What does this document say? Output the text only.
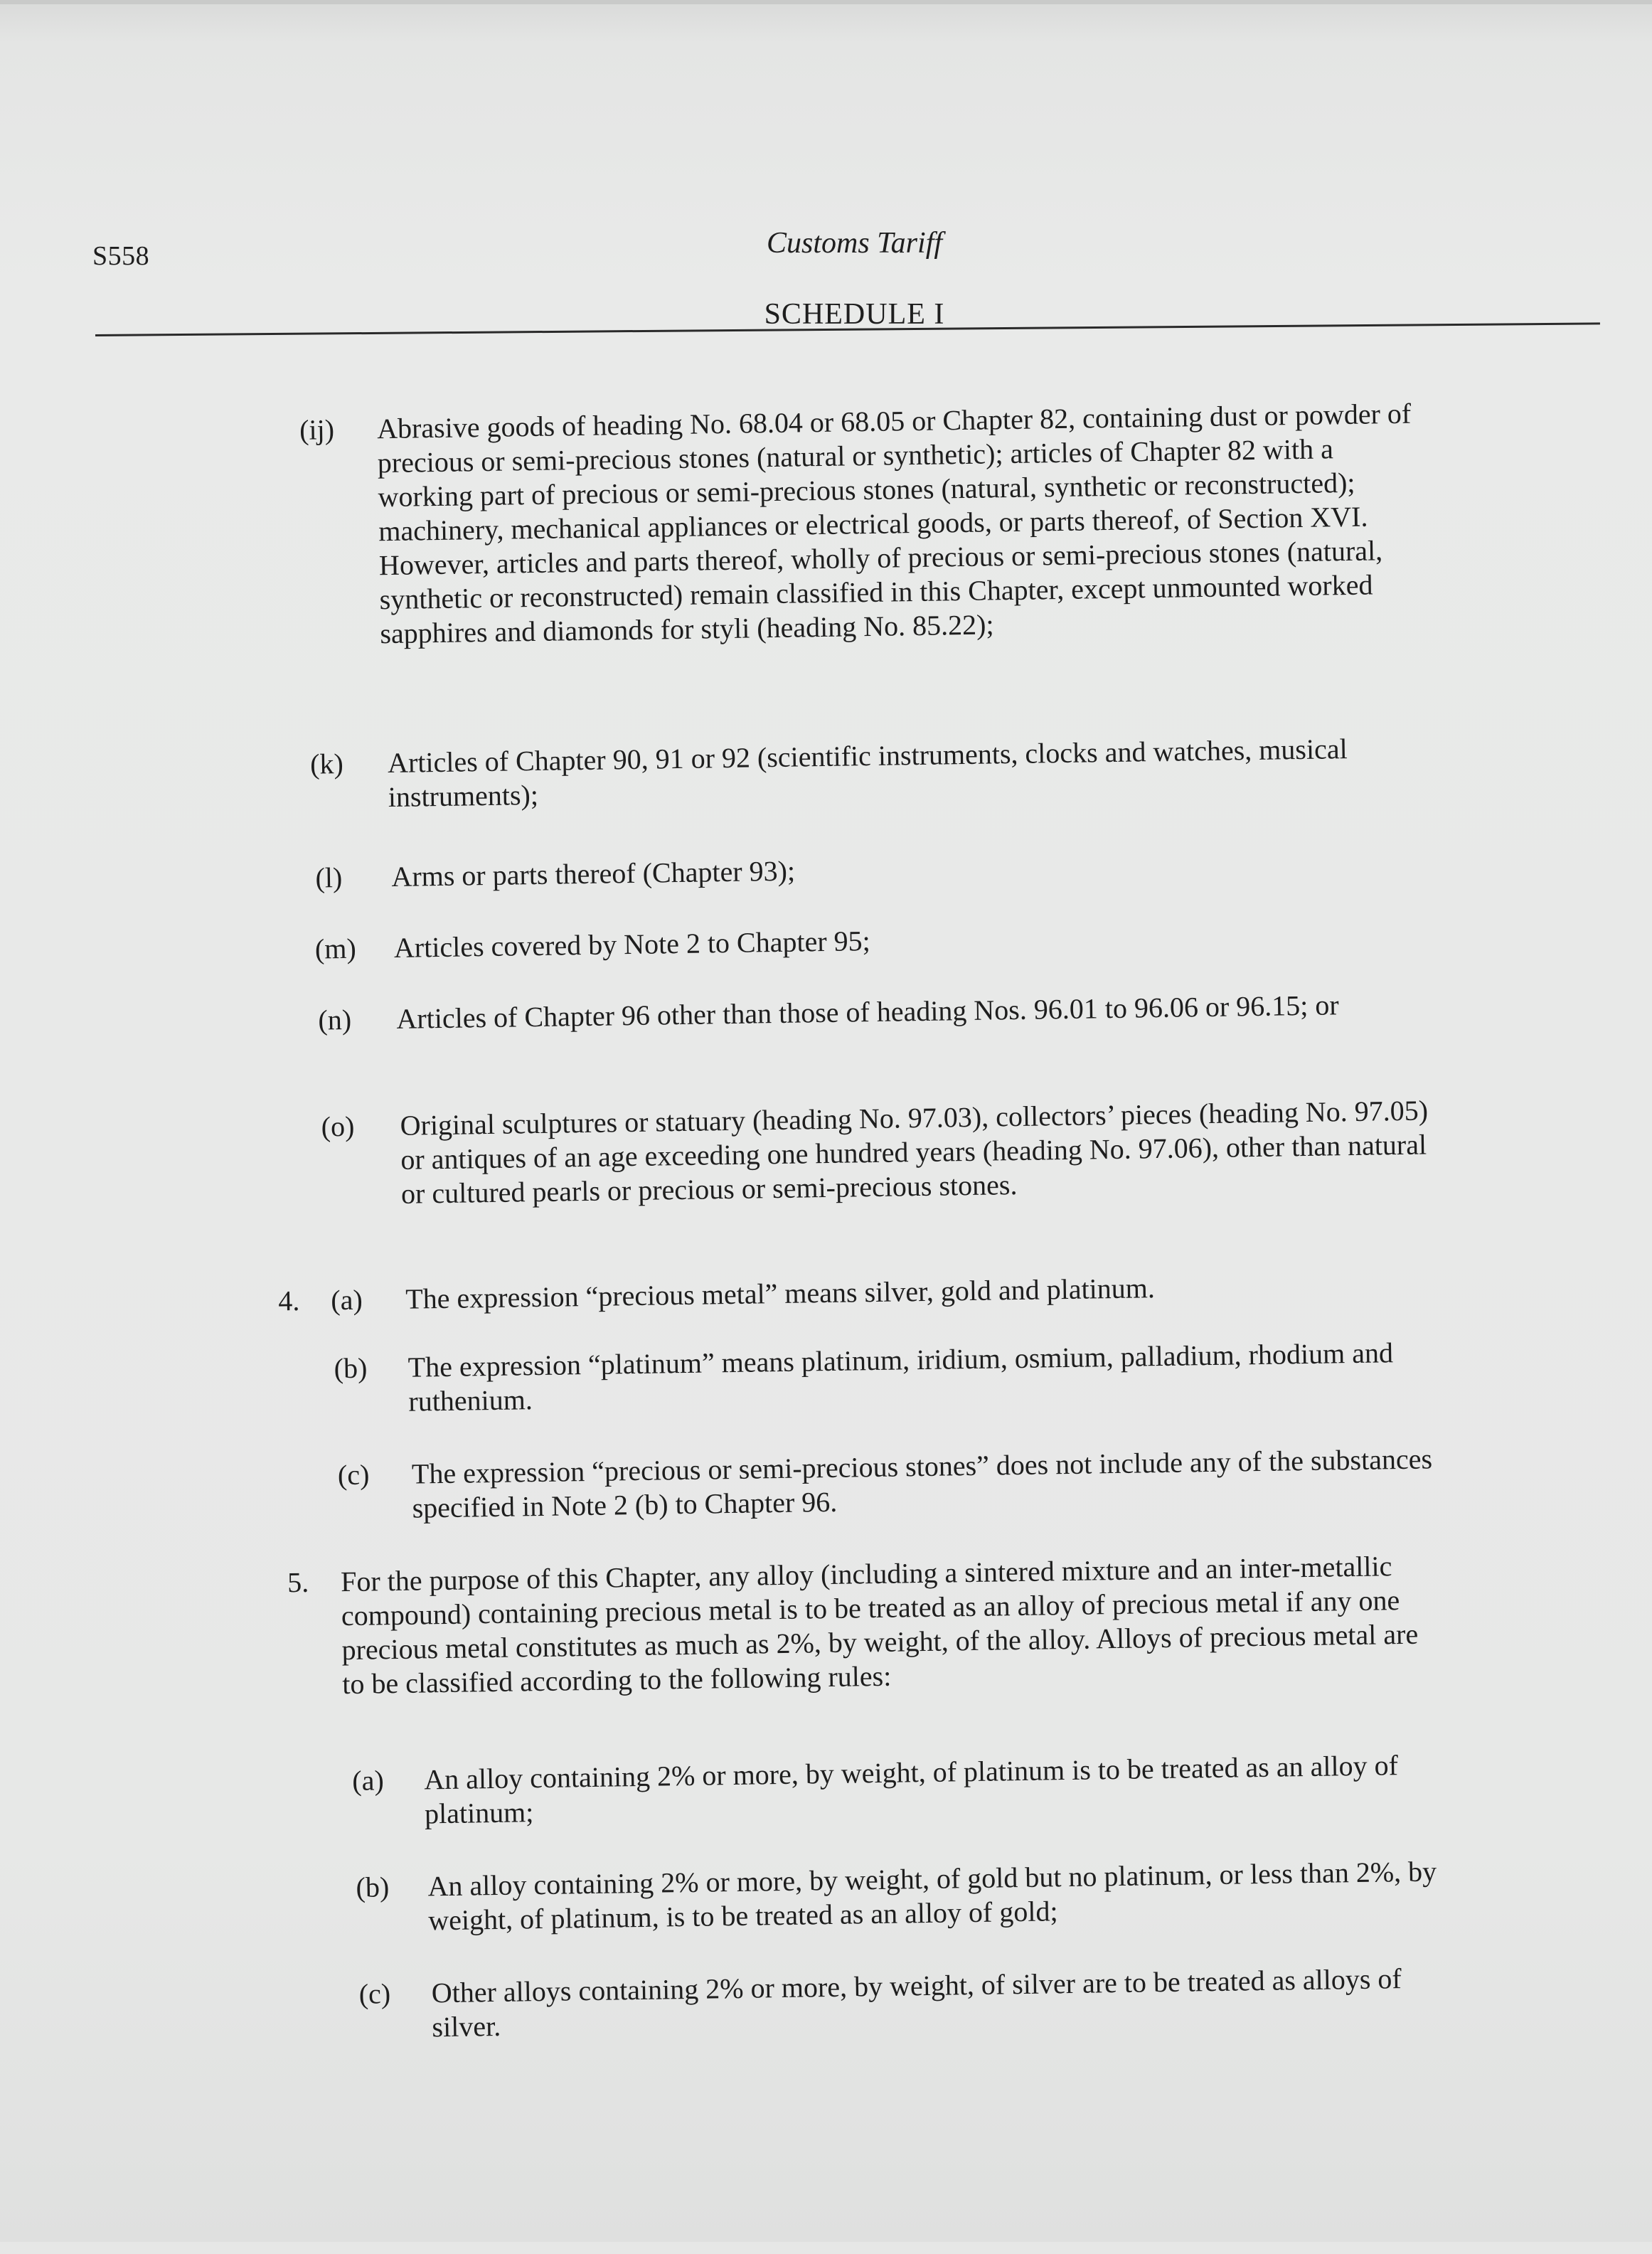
S558	Customs Tariff
SCHEDULE I
(ij) Abrasive goods of heading No. 68.04 or 68.05 or Chapter 82, containing dust or powder of precious or semi-precious stones (natural or synthetic); articles of Chapter 82 with a working part of precious or semi-precious stones (natural, synthetic or reconstructed); machinery, mechanical appliances or electrical goods, or parts thereof, of Section XVI. However, articles and parts thereof, wholly of precious or semi-precious stones (natural, synthetic or reconstructed) remain classified in this Chapter, except unmounted worked sapphires and diamonds for styli (heading No. 85.22);
(k) Articles of Chapter 90, 91 or 92 (scientific instruments, clocks and watches, musical instruments);
(l) Arms or parts thereof (Chapter 93);
(m) Articles covered by Note 2 to Chapter 95;
(n) Articles of Chapter 96 other than those of heading Nos. 96.01 to 96.06 or 96.15; or
(o) Original sculptures or statuary (heading No. 97.03), collectors’ pieces (heading No. 97.05) or antiques of an age exceeding one hundred years (heading No. 97.06), other than natural or cultured pearls or precious or semi-precious stones.
4. (a) The expression “precious metal” means silver, gold and platinum.
(b) The expression “platinum” means platinum, iridium, osmium, palladium, rhodium and ruthenium.
(c) The expression “precious or semi-precious stones” does not include any of the substances specified in Note 2 (b) to Chapter 96.
5. For the purpose of this Chapter, any alloy (including a sintered mixture and an inter-metallic compound) containing precious metal is to be treated as an alloy of precious metal if any one precious metal constitutes as much as 2%, by weight, of the alloy. Alloys of precious metal are to be classified according to the following rules:
(a) An alloy containing 2% or more, by weight, of platinum is to be treated as an alloy of platinum;
(b) An alloy containing 2% or more, by weight, of gold but no platinum, or less than 2%, by weight, of platinum, is to be treated as an alloy of gold;
(c) Other alloys containing 2% or more, by weight, of silver are to be treated as alloys of silver.
